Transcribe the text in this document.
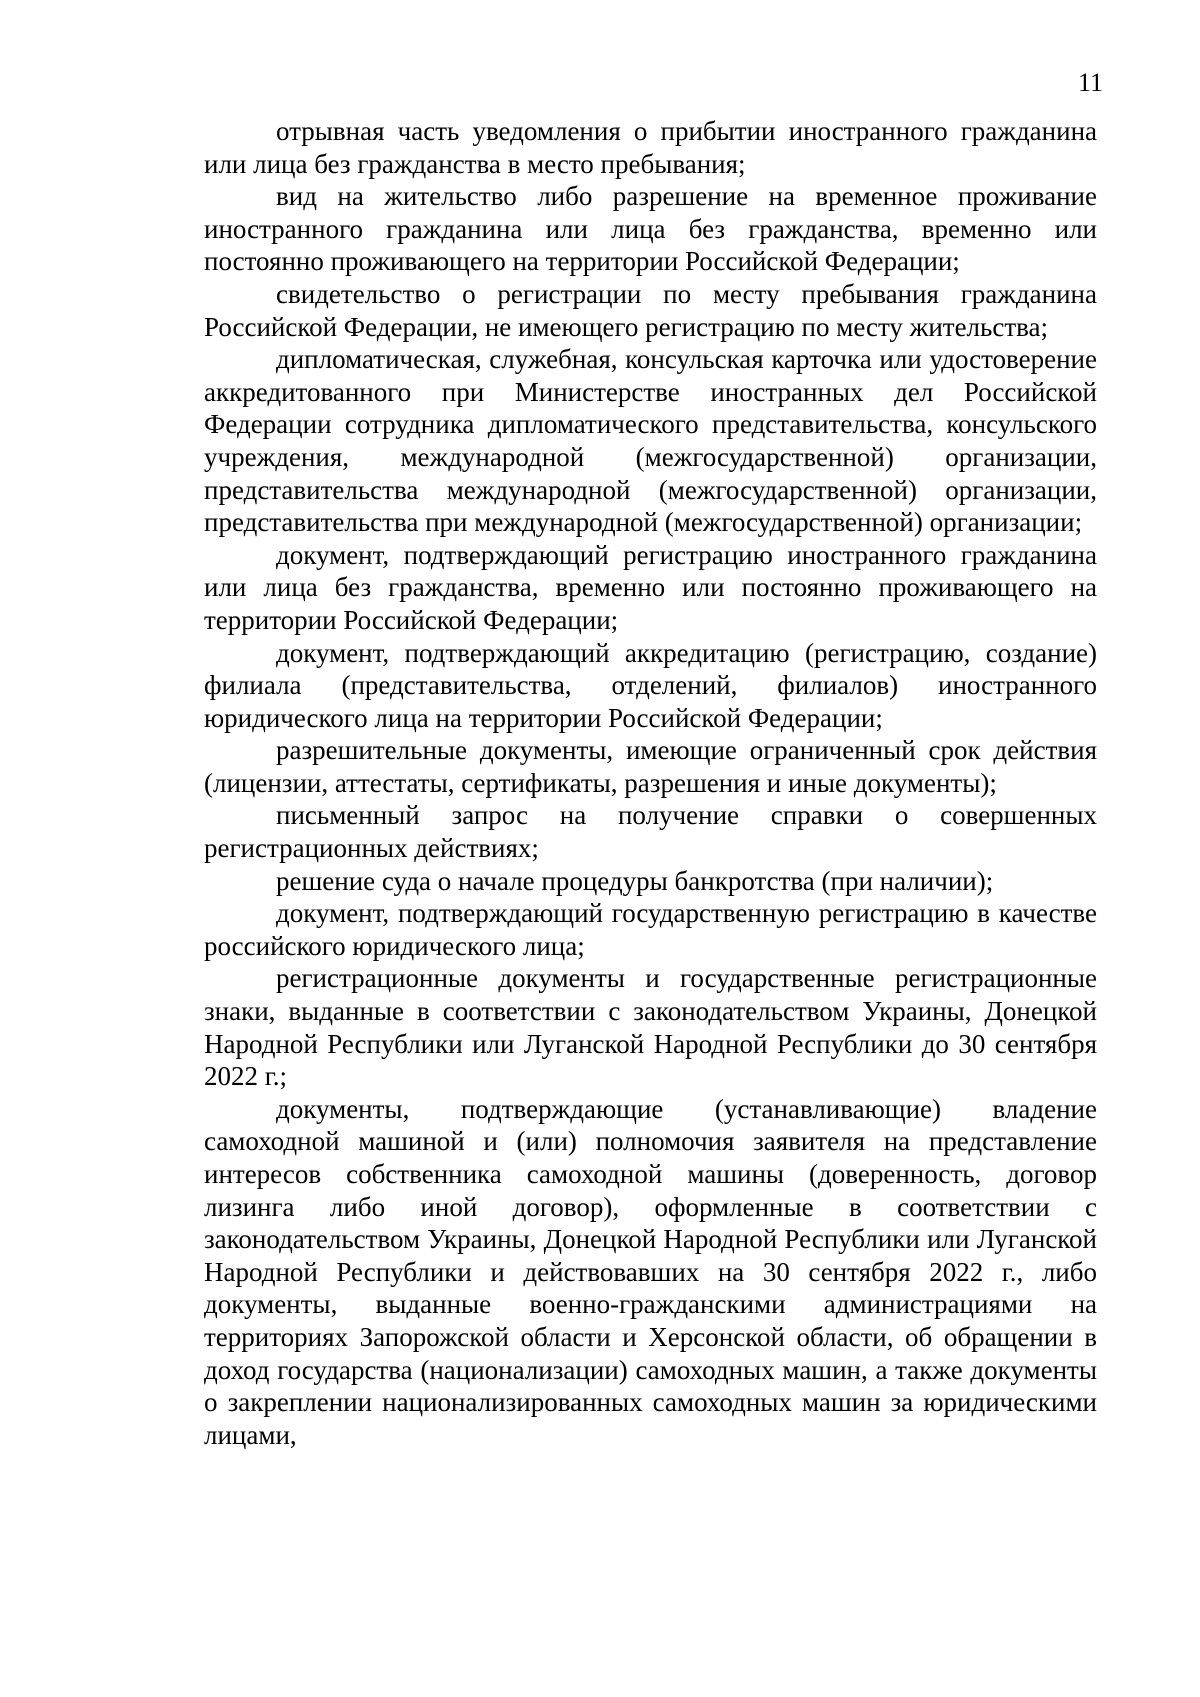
11

отрывная часть уведомления о прибытии иностранного гражданина или лица без гражданства в место пребывания;

вид на жительство либо разрешение на временное проживание иностранного гражданина или лица без гражданства, временно или постоянно проживающего на территории Российской Федерации;

свидетельство о регистрации по месту пребывания гражданина Российской Федерации, не имеющего регистрацию по месту жительства;

дипломатическая, служебная, консульская карточка или удостоверение аккредитованного при Министерстве иностранных дел Российской Федерации сотрудника дипломатического представительства, консульского учреждения, международной (межгосударственной) организации, представительства международной (межгосударственной) организации, представительства при международной (межгосударственной) организации;

документ, подтверждающий регистрацию иностранного гражданина или лица без гражданства, временно или постоянно проживающего на территории Российской Федерации;

документ, подтверждающий аккредитацию (регистрацию, создание) филиала (представительства, отделений, филиалов) иностранного юридического лица на территории Российской Федерации;

разрешительные документы, имеющие ограниченный срок действия (лицензии, аттестаты, сертификаты, разрешения и иные документы);

письменный запрос на получение справки о совершенных регистрационных действиях;

решение суда о начале процедуры банкротства (при наличии);

документ, подтверждающий государственную регистрацию в качестве российского юридического лица;

регистрационные документы и государственные регистрационные знаки, выданные в соответствии с законодательством Украины, Донецкой Народной Республики или Луганской Народной Республики до 30 сентября 2022 г.;

документы, подтверждающие (устанавливающие) владение самоходной машиной и (или) полномочия заявителя на представление интересов собственника самоходной машины (доверенность, договор лизинга либо иной договор), оформленные в соответствии с законодательством Украины, Донецкой Народной Республики или Луганской Народной Республики и действовавших на 30 сентября 2022 г., либо документы, выданные военно-гражданскими администрациями на территориях Запорожской области и Херсонской области, об обращении в доход государства (национализации) самоходных машин, а также документы о закреплении национализированных самоходных машин за юридическими лицами,
